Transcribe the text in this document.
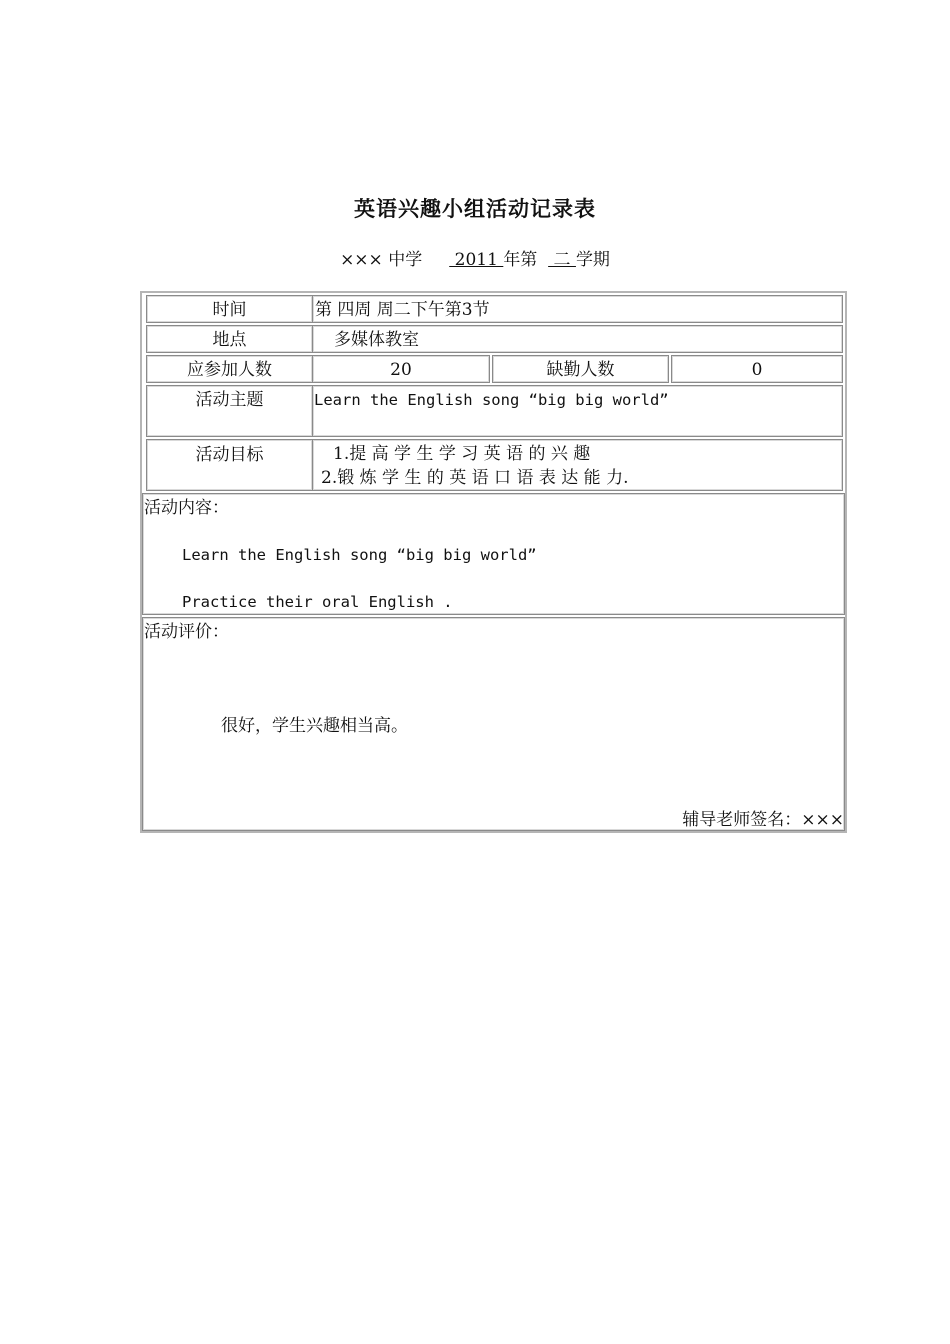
英语兴趣小组活动记录表
××× 中学      2011 年第   二 学期
时间	第 四周 周二下午第3节
地点	多媒体教室
应参加人数	20	缺勤人数	0
活动主题	Learn the English song “big big world”
活动目标	1.提 高 学 生 学 习 英 语 的 兴 趣
2.锻 炼 学 生 的 英 语 口 语 表 达 能 力.
活动内容：
Learn the English song “big big world”
Practice their oral English .
活动评价：
很好，学生兴趣相当高。
辅导老师签名：×××
